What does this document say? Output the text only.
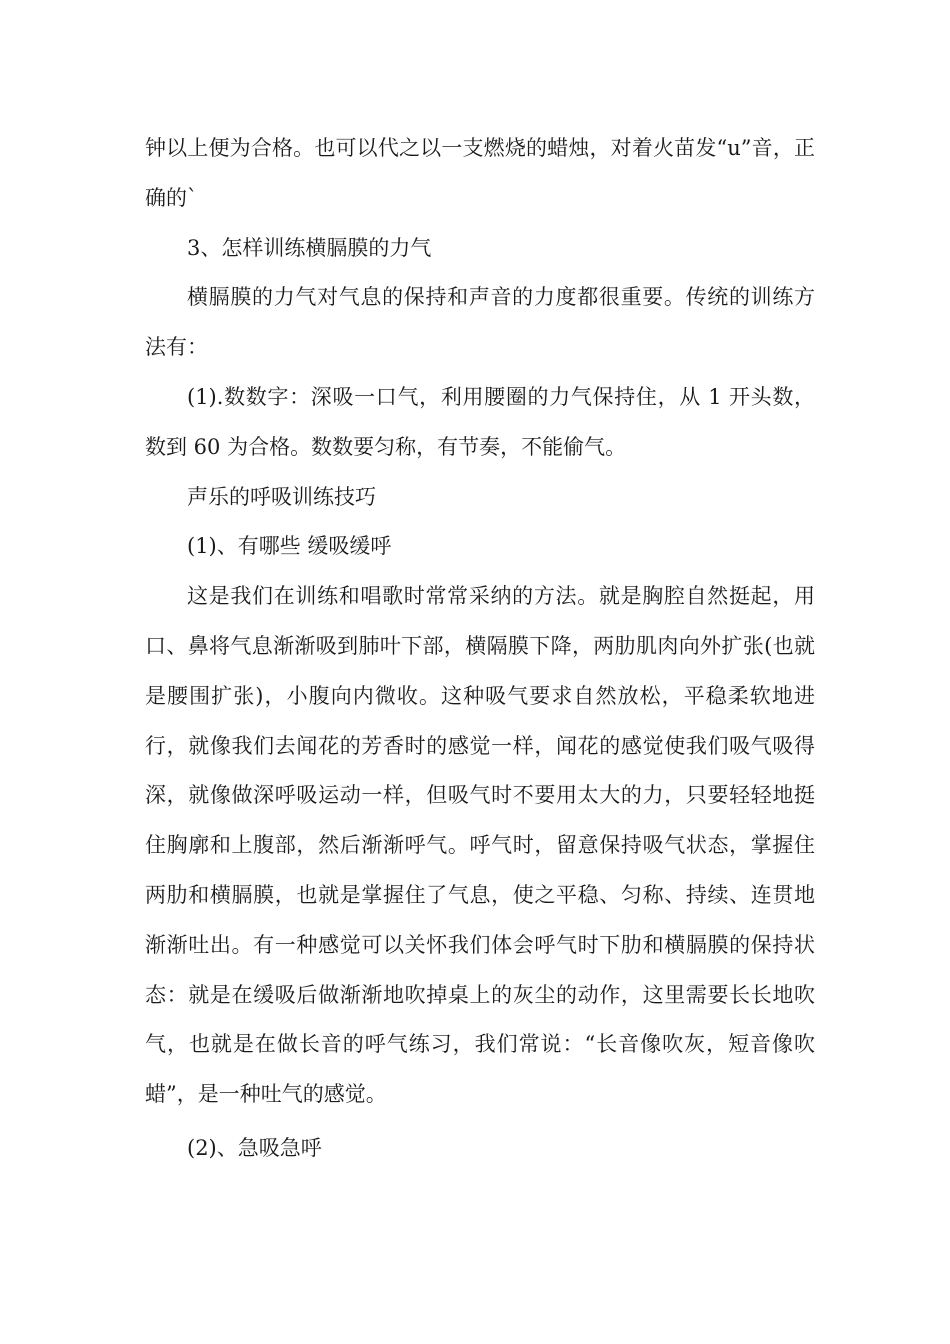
钟以上便为合格。也可以代之以一支燃烧的蜡烛，对着火苗发“u”音，正确的`

3、怎样训练横膈膜的力气

横膈膜的力气对气息的保持和声音的力度都很重要。传统的训练方法有：

(1).数数字：深吸一口气，利用腰圈的力气保持住，从 1 开头数，数到 60 为合格。数数要匀称，有节奏，不能偷气。

声乐的呼吸训练技巧

(1)、有哪些 缓吸缓呼

这是我们在训练和唱歌时常常采纳的方法。就是胸腔自然挺起，用口、鼻将气息渐渐吸到肺叶下部，横隔膜下降，两肋肌肉向外扩张(也就是腰围扩张)，小腹向内微收。这种吸气要求自然放松，平稳柔软地进行，就像我们去闻花的芳香时的感觉一样，闻花的感觉使我们吸气吸得深，就像做深呼吸运动一样，但吸气时不要用太大的力，只要轻轻地挺住胸廓和上腹部，然后渐渐呼气。呼气时，留意保持吸气状态，掌握住两肋和横膈膜，也就是掌握住了气息，使之平稳、匀称、持续、连贯地渐渐吐出。有一种感觉可以关怀我们体会呼气时下肋和横膈膜的保持状态：就是在缓吸后做渐渐地吹掉桌上的灰尘的动作，这里需要长长地吹气，也就是在做长音的呼气练习，我们常说：“长音像吹灰，短音像吹蜡”，是一种吐气的感觉。

(2)、急吸急呼
